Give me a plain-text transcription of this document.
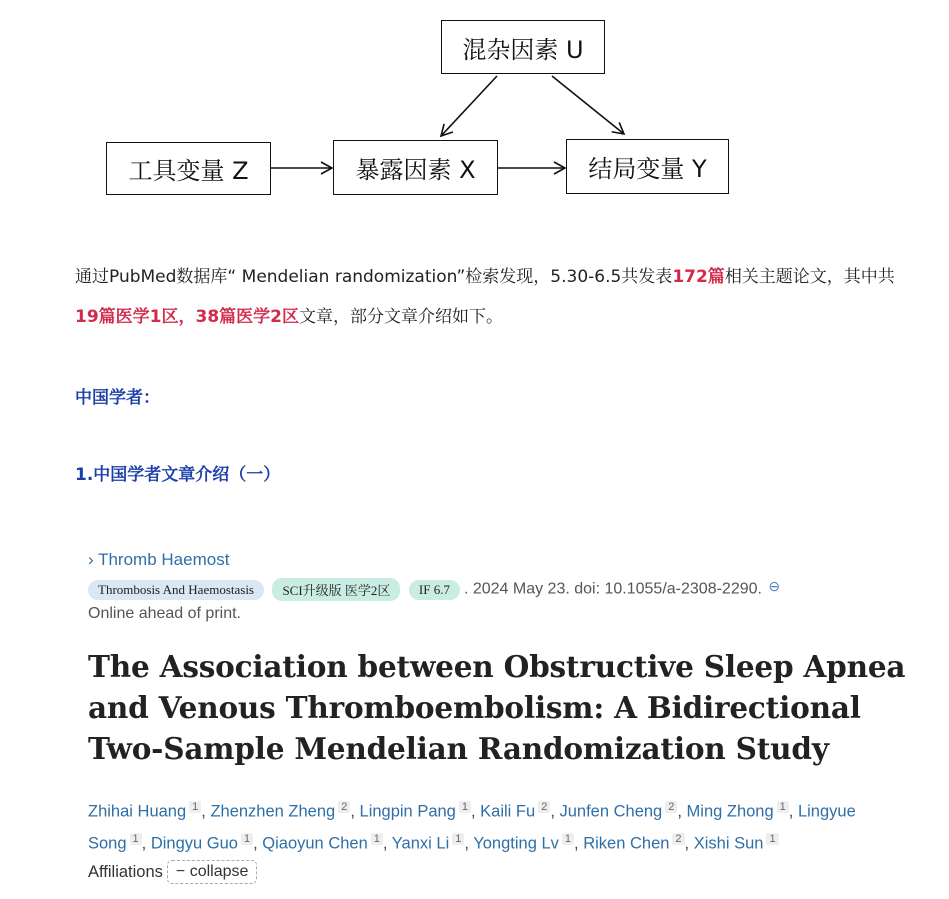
混杂因素 U
工具变量 Z	暴露因素 X	结局变量 Y
通过PubMed数据库“ Mendelian randomization”检索发现，5.30-6.5共发表172篇相关主题论文，其中共19篇医学1区，38篇医学2区文章，部分文章介绍如下。
中国学者：
1.中国学者文章介绍（一）
› Thromb Haemost
Thrombosis And Haemostasis SCI升级版 医学2区 IF 6.7 . 2024 May 23. doi: 10.1055/a-2308-2290. ⊖
Online ahead of print.
The Association between Obstructive Sleep Apnea and Venous Thromboembolism: A Bidirectional Two-Sample Mendelian Randomization Study
Zhihai Huang $^1$ , Zhenzhen Zheng $^2$ , Lingpin Pang $^1$ , Kaili Fu $^2$ , Junfen Cheng $^2$ , Ming Zhong $^1$ , Lingyue Song $^1$ , Dingyu Guo $^1$ , Qiaoyun Chen $^1$ , Yanxi Li $^1$ , Yongting Lv $^1$ , Riken Chen $^2$ , Xishi Sun $^1$
Affiliations − collapse
